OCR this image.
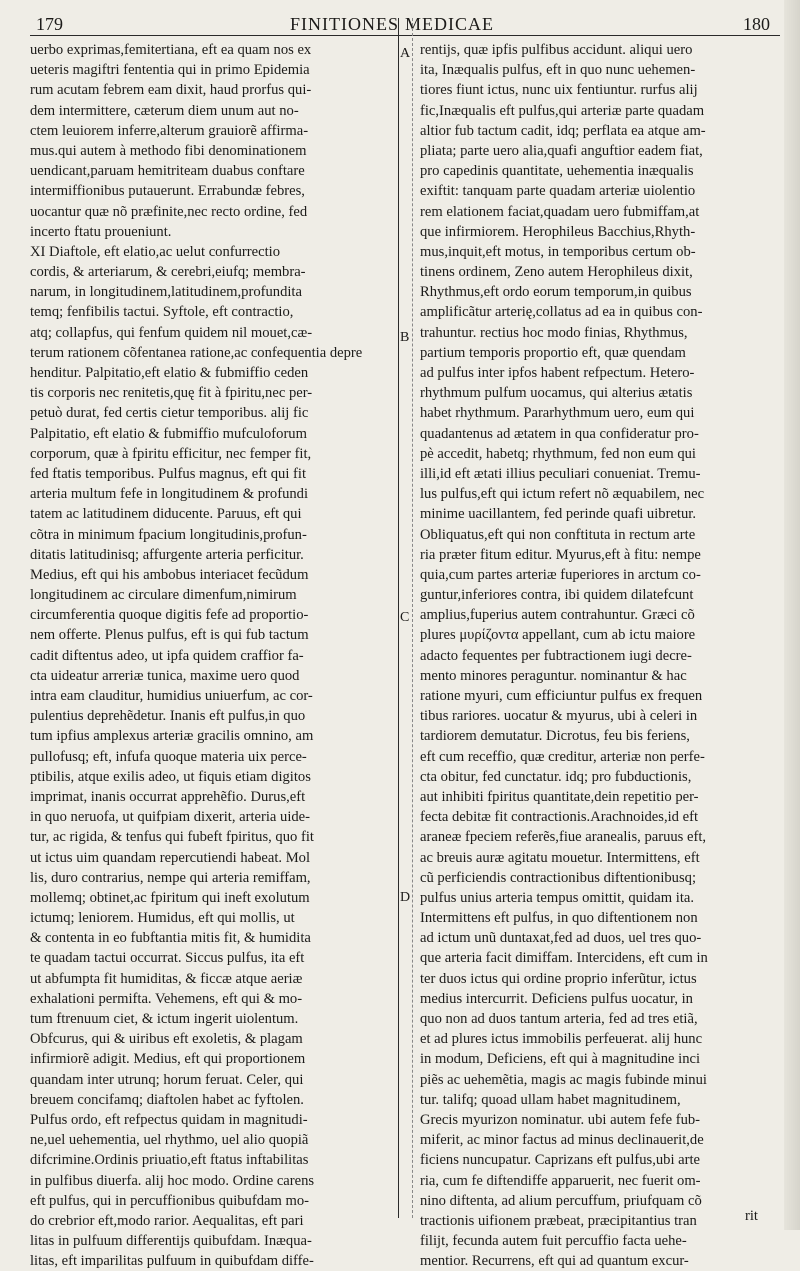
179	FINITIONES MEDICAE	180
uerbo exprimas,femitertiana, eft ea quam nos ex
ueteris magiftri fententia qui in primo Epidemia
rum acutam febrem eam dixit, haud prorfus qui-
dem intermittere, cæterum diem unum aut no-
ctem leuiorem inferre,alterum grauiorẽ affirma-
mus.qui autem à methodo fibi denominationem
uendicant,paruam hemitriteam duabus conftare
intermiffionibus putauerunt. Errabundæ febres,
uocantur quæ nõ præfinite,nec recto ordine, fed
incerto ftatu proueniunt.
XI Diaftole, eft elatio,ac uelut confurrectio
cordis, & arteriarum, & cerebri,eiufq; membra-
narum, in longitudinem,latitudinem,profundita
temq; fenfibilis tactui. Syftole, eft contractio,
atq; collapfus, qui fenfum quidem nil mouet,cæ-
terum rationem cõfentanea ratione,ac confequentia depre
henditur. Palpitatio,eft elatio & fubmiffio ceden
tis corporis nec renitetis,quę fit à fpiritu,nec per-
petuò durat, fed certis cietur temporibus. alij fic
Palpitatio, eft elatio & fubmiffio mufculoforum
corporum, quæ à fpiritu efficitur, nec femper fit,
fed ftatis temporibus. Pulfus magnus, eft qui fit
arteria multum fefe in longitudinem & profundi
tatem ac latitudinem diducente. Paruus, eft qui
cõtra in minimum fpacium longitudinis,profun-
ditatis latitudinisq; affurgente arteria perficitur.
Medius, eft qui his ambobus interiacet fecũdum
longitudinem ac circulare dimenfum,nimirum
circumferentia quoque digitis fefe ad proportio-
nem offerte. Plenus pulfus, eft is qui fub tactum
cadit diftentus adeo, ut ipfa quidem craffior fa-
cta uideatur arreriæ tunica, maxime uero quod
intra eam clauditur, humidius uniuerfum, ac cor-
pulentius deprehẽdetur. Inanis eft pulfus,in quo
tum ipfius amplexus arteriæ gracilis omnino, am
pullofusq; eft, infufa quoque materia uix perce-
ptibilis, atque exilis adeo, ut fiquis etiam digitos
imprimat, inanis occurrat apprehẽfio. Durus,eft
in quo neruofa, ut quifpiam dixerit, arteria uide-
tur, ac rigida, & tenfus qui fubeft fpiritus, quo fit
ut ictus uim quandam repercutiendi habeat. Mol
lis, duro contrarius, nempe qui arteria remiffam,
mollemq; obtinet,ac fpiritum qui ineft exolutum
ictumq; leniorem. Humidus, eft qui mollis, ut
& contenta in eo fubftantia mitis fit, & humidita
te quadam tactui occurrat. Siccus pulfus, ita eft
ut abfumpta fit humiditas, & ficcæ atque aeriæ
exhalationi permifta. Vehemens, eft qui & mo-
tum ftrenuum ciet, & ictum ingerit uiolentum.
Obfcurus, qui & uiribus eft exoletis, & plagam
infirmiorẽ adigit. Medius, eft qui proportionem
quandam inter utrunq; horum feruat. Celer, qui
breuem concifamq; diaftolen habet ac fyftolen.
Pulfus ordo, eft refpectus quidam in magnitudi-
ne,uel uehementia, uel rhythmo, uel alio quopiã
difcrimine.Ordinis priuatio,eft ftatus inftabilitas
in pulfibus diuerfa. alij hoc modo. Ordine carens
eft pulfus, qui in percuffionibus quibufdam mo-
do crebrior eft,modo rarior. Aequalitas, eft pari
litas in pulfuum differentijs quibufdam. Inæqua-
litas, eft imparilitas pulfuum in quibufdam diffe-
rentijs, quæ ipfis pulfibus accidunt. aliqui uero
ita, Inæqualis pulfus, eft in quo nunc uehemen-
tiores fiunt ictus, nunc uix fentiuntur. rurfus alij
fic,Inæqualis eft pulfus,qui arteriæ parte quadam
altior fub tactum cadit, idq; perflata ea atque am-
pliata; parte uero alia,quafi anguftior eadem fiat,
pro capedinis quantitate, uehementia inæqualis
exiftit: tanquam parte quadam arteriæ uiolentio
rem elationem faciat,quadam uero fubmiffam,at
que infirmiorem. Herophileus Bacchius,Rhyth-
mus,inquit,eft motus, in temporibus certum ob-
tinens ordinem, Zeno autem Herophileus dixit,
Rhythmus,eft ordo eorum temporum,in quibus
amplificãtur arterię,collatus ad ea in quibus con-
trahuntur. rectius hoc modo finias, Rhythmus,
partium temporis proportio eft, quæ quendam
ad pulfus inter ipfos habent refpectum. Hetero-
rhythmum pulfum uocamus, qui alterius ætatis
habet rhythmum. Pararhythmum uero, eum qui
quadantenus ad ætatem in qua confideratur pro-
pè accedit, habetq; rhythmum, fed non eum qui
illi,id eft ætati illius peculiari conueniat. Tremu-
lus pulfus,eft qui ictum refert nõ æquabilem, nec
minime uacillantem, fed perinde quafi uibretur.
Obliquatus,eft qui non conftituta in rectum arte
ria præter fitum editur. Myurus,eft à fitu: nempe
quia,cum partes arteriæ fuperiores in arctum co-
guntur,inferiores contra, ibi quidem dilatefcunt
amplius,fuperius autem contrahuntur. Græci cõ
plures μυρίζοντα appellant, cum ab ictu maiore
adacto fequentes per fubtractionem iugi decre-
mento minores peraguntur. nominantur & hac
ratione myuri, cum efficiuntur pulfus ex frequen
tibus rariores. uocatur & myurus, ubi à celeri in
tardiorem demutatur. Dicrotus, feu bis feriens,
eft cum receffio, quæ creditur, arteriæ non perfe-
cta obitur, fed cunctatur. idq; pro fubductionis,
aut inhibiti fpiritus quantitate,dein repetitio per-
fecta debitæ fit contractionis.Arachnoides,id eft
araneæ fpeciem referẽs,fiue aranealis, paruus eft,
ac breuis auræ agitatu mouetur. Intermittens, eft
cũ perficiendis contractionibus diftentionibusq;
pulfus unius arteria tempus omittit, quidam ita.
Intermittens eft pulfus, in quo diftentionem non
ad ictum unũ duntaxat,fed ad duos, uel tres quo-
que arteria facit dimiffam. Intercidens, eft cum in
ter duos ictus qui ordine proprio inferũtur, ictus
medius intercurrit. Deficiens pulfus uocatur, in
quo non ad duos tantum arteria, fed ad tres etiã,
et ad plures ictus immobilis perfeuerat. alij hunc
in modum, Deficiens, eft qui à magnitudine inci
piẽs ac uehemẽtia, magis ac magis fubinde minui
tur. talifq; quoad ullam habet magnitudinem,
Grecis myurizon nominatur. ubi autem fefe fub-
miferit, ac minor factus ad minus declinauerit,de
ficiens nuncupatur. Caprizans eft pulfus,ubi arte
ria, cum fe diftendiffe apparuerit, nec fuerit om-
nino diftenta, ad alium percuffum, priufquam cõ
tractionis uifionem præbeat, præcipitantius tran
filijt, fecunda autem fuit percuffio facta uehe-
mentior. Recurrens, eft qui ad quantum excur-
A
B
C
D
rit
